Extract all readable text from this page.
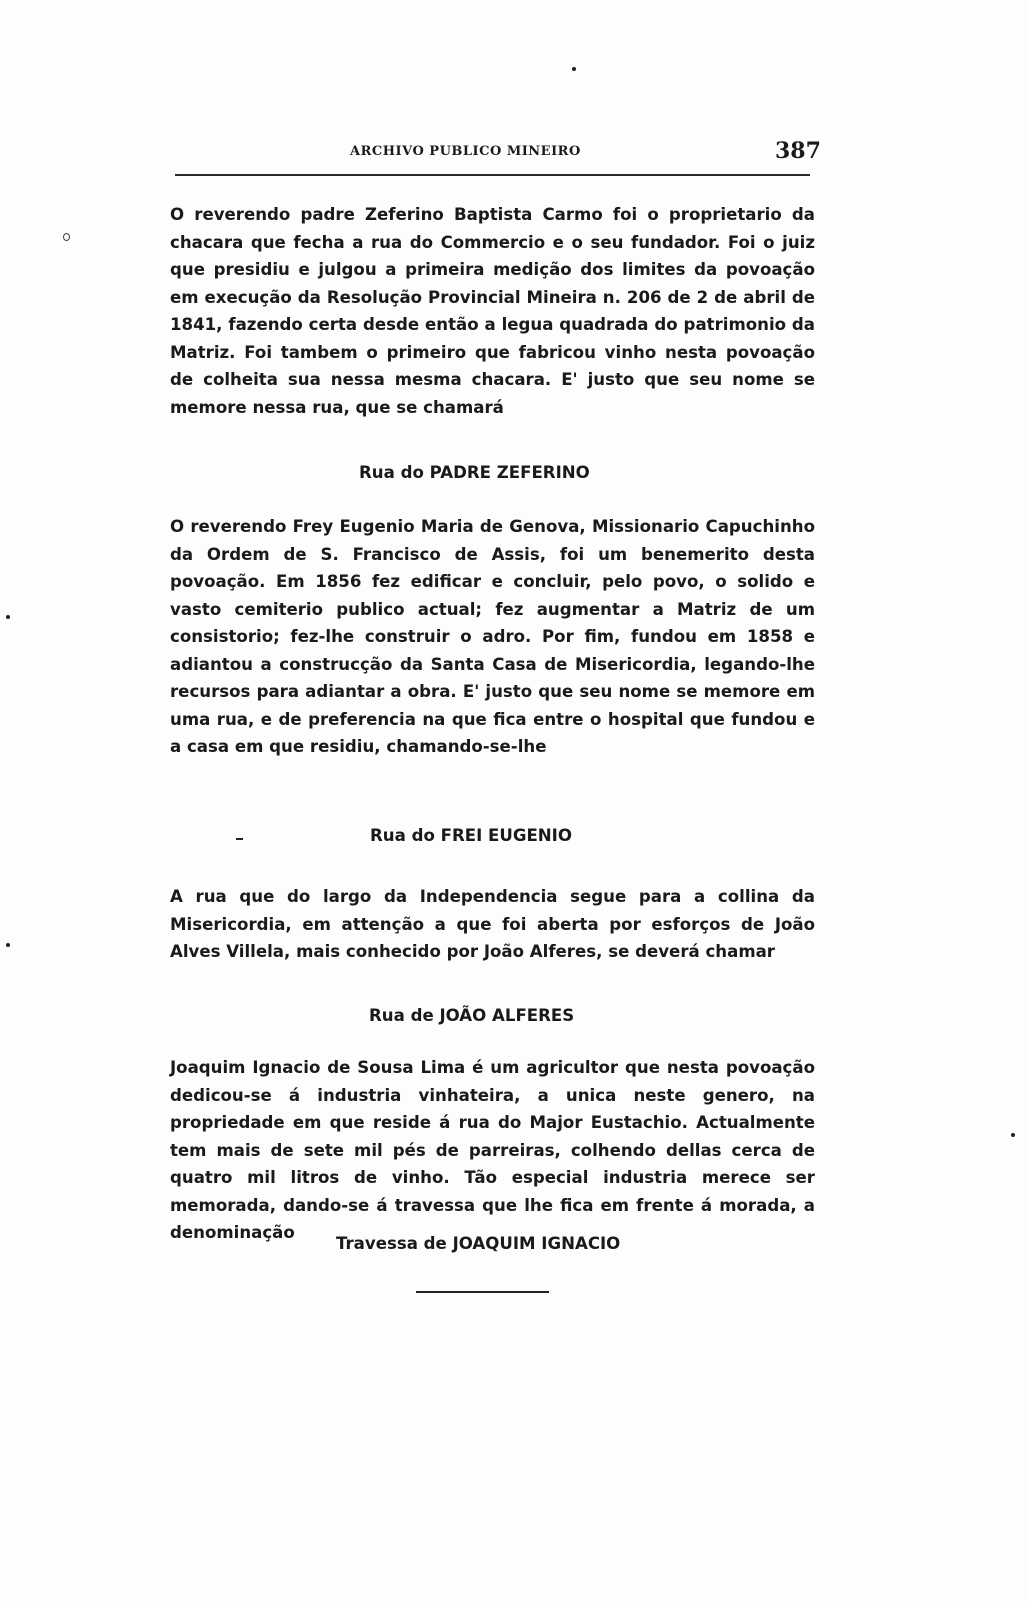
ARCHIVO PUBLICO MINEIRO	387
O reverendo padre Zeferino Baptista Carmo foi o proprietario da chacara que fecha a rua do Commercio e o seu fundador. Foi o juiz que presidiu e julgou a primeira medição dos limites da povoação em execução da Resolução Provincial Mineira n. 206 de 2 de abril de 1841, fazendo certa desde então a legua quadrada do patrimonio da Matriz. Foi tambem o primeiro que fabricou vinho nesta povoação de colheita sua nessa mesma chacara. E' justo que seu nome se memore nessa rua, que se chamará
Rua do PADRE ZEFERINO
O reverendo Frey Eugenio Maria de Genova, Missionario Capuchinho da Ordem de S. Francisco de Assis, foi um benemerito desta povoação. Em 1856 fez edificar e concluir, pelo povo, o solido e vasto cemiterio publico actual; fez augmentar a Matriz de um consistorio; fez-lhe construir o adro. Por fim, fundou em 1858 e adiantou a construcção da Santa Casa de Misericordia, legando-lhe recursos para adiantar a obra. E' justo que seu nome se memore em uma rua, e de preferencia na que fica entre o hospital que fundou e a casa em que residiu, chamando-se-lhe
Rua do FREI EUGENIO
A rua que do largo da Independencia segue para a collina da Misericordia, em attenção a que foi aberta por esforços de João Alves Villela, mais conhecido por João Alferes, se deverá chamar
Rua de JOÃO ALFERES
Joaquim Ignacio de Sousa Lima é um agricultor que nesta povoação dedicou-se á industria vinhateira, a unica neste genero, na propriedade em que reside á rua do Major Eustachio. Actualmente tem mais de sete mil pés de parreiras, colhendo dellas cerca de quatro mil litros de vinho. Tão especial industria merece ser memorada, dando-se á travessa que lhe fica em frente á morada, a denominação
Travessa de JOAQUIM IGNACIO
